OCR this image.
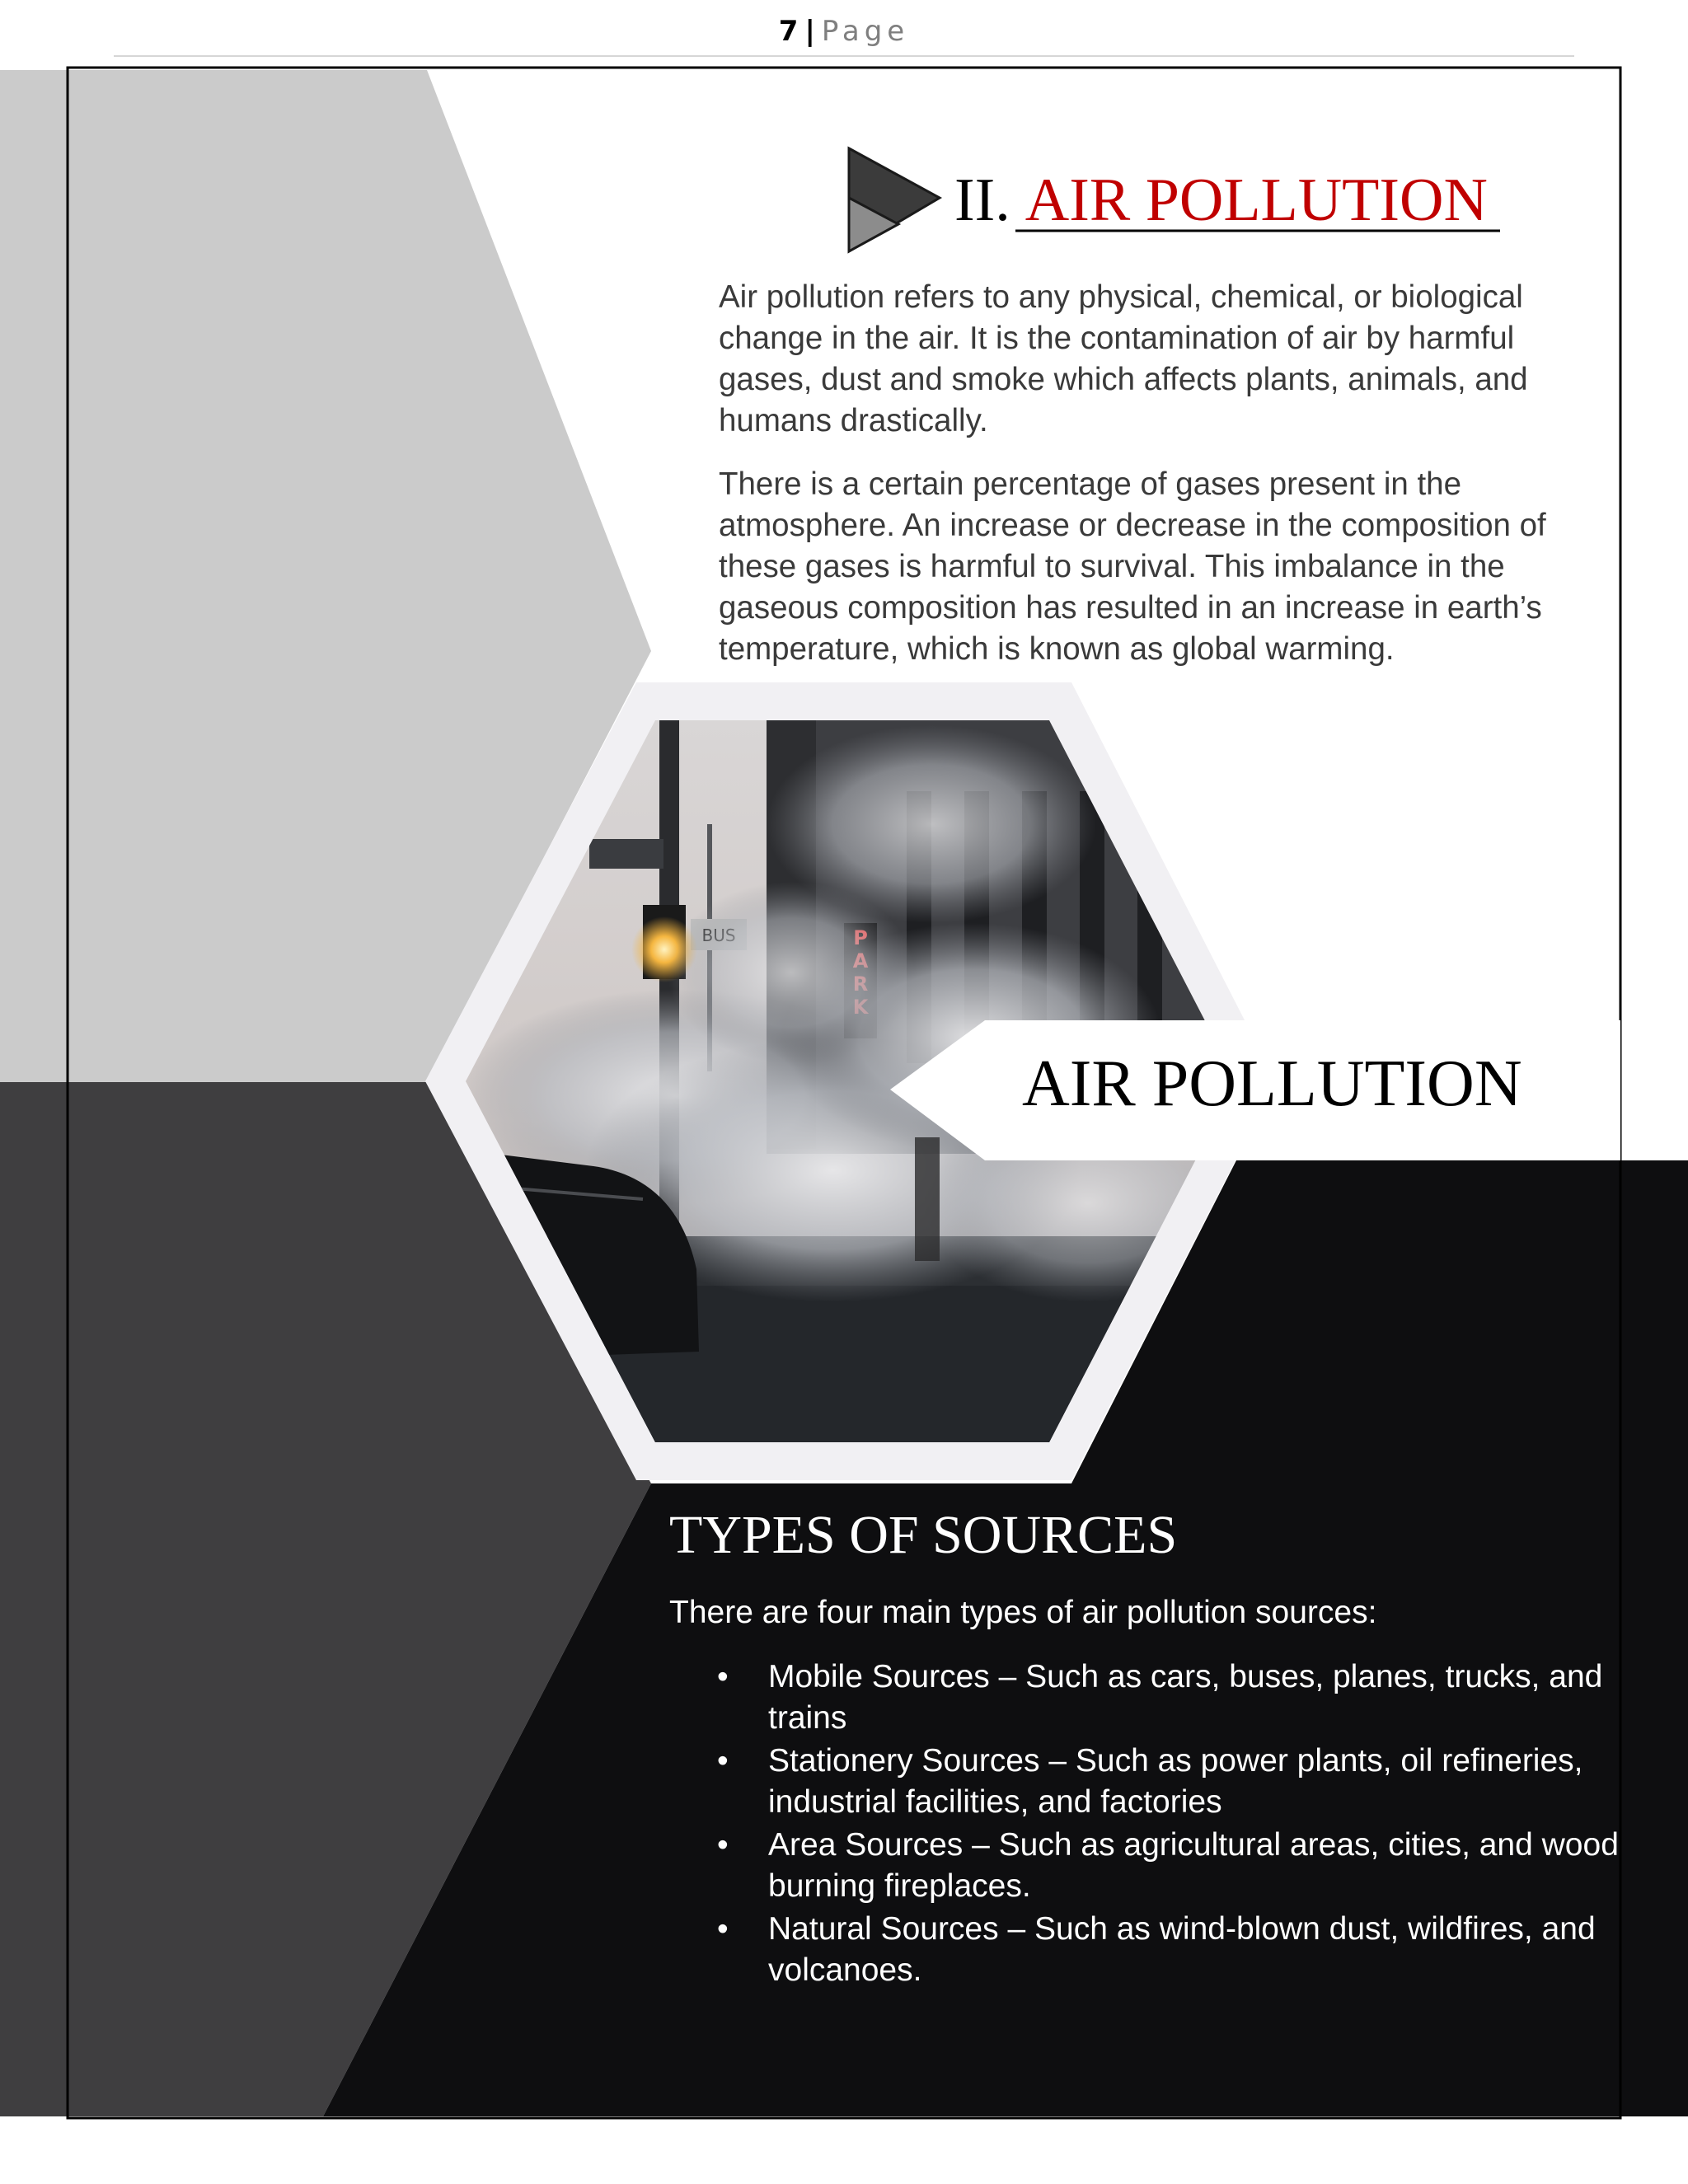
7 | Page
II. AIR POLLUTION

Air pollution refers to any physical, chemical, or biological change in the air. It is the contamination of air by harmful gases, dust and smoke which affects plants, animals, and humans drastically.

There is a certain percentage of gases present in the atmosphere. An increase or decrease in the composition of these gases is harmful to survival. This imbalance in the gaseous composition has resulted in an increase in earth’s temperature, which is known as global warming.

AIR POLLUTION
TYPES OF SOURCES

There are four main types of air pollution sources:

• Mobile Sources – Such as cars, buses, planes, trucks, and trains
• Stationery Sources – Such as power plants, oil refineries, industrial facilities, and factories
• Area Sources – Such as agricultural areas, cities, and wood burning fireplaces.
• Natural Sources – Such as wind-blown dust, wildfires, and volcanoes.
